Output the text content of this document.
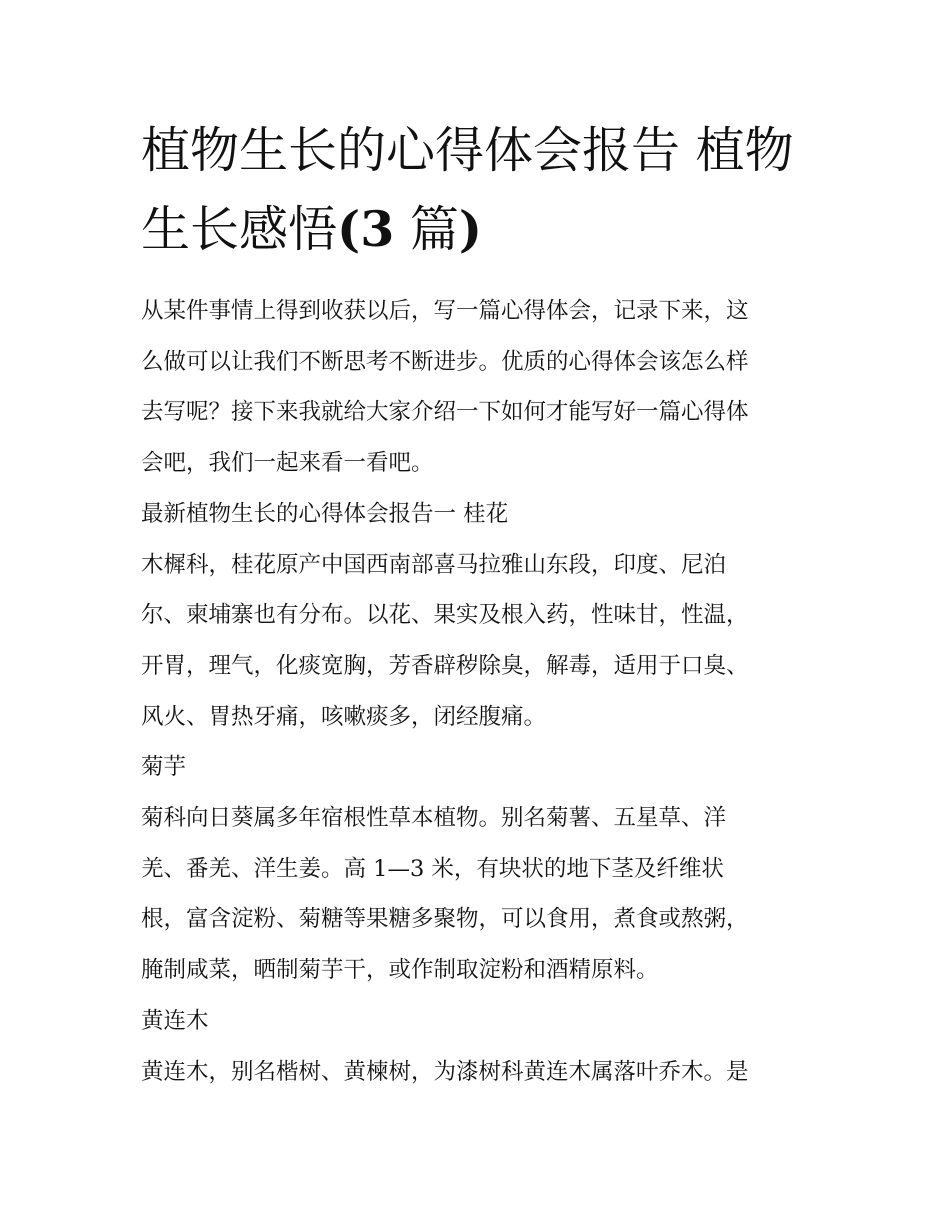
植物生长的心得体会报告 植物
生长感悟(3 篇)
从某件事情上得到收获以后，写一篇心得体会，记录下来，这
么做可以让我们不断思考不断进步。优质的心得体会该怎么样
去写呢？接下来我就给大家介绍一下如何才能写好一篇心得体
会吧，我们一起来看一看吧。
最新植物生长的心得体会报告一 桂花
木樨科，桂花原产中国西南部喜马拉雅山东段，印度、尼泊
尔、柬埔寨也有分布。以花、果实及根入药，性味甘，性温，
开胃，理气，化痰宽胸，芳香辟秽除臭，解毒，适用于口臭、
风火、胃热牙痛，咳嗽痰多，闭经腹痛。
菊芋
菊科向日葵属多年宿根性草本植物。别名菊薯、五星草、洋
羌、番羌、洋生姜。高 1—3 米，有块状的地下茎及纤维状
根，富含淀粉、菊糖等果糖多聚物，可以食用，煮食或熬粥，
腌制咸菜，晒制菊芋干，或作制取淀粉和酒精原料。
黄连木
黄连木，别名楷树、黄楝树，为漆树科黄连木属落叶乔木。是
